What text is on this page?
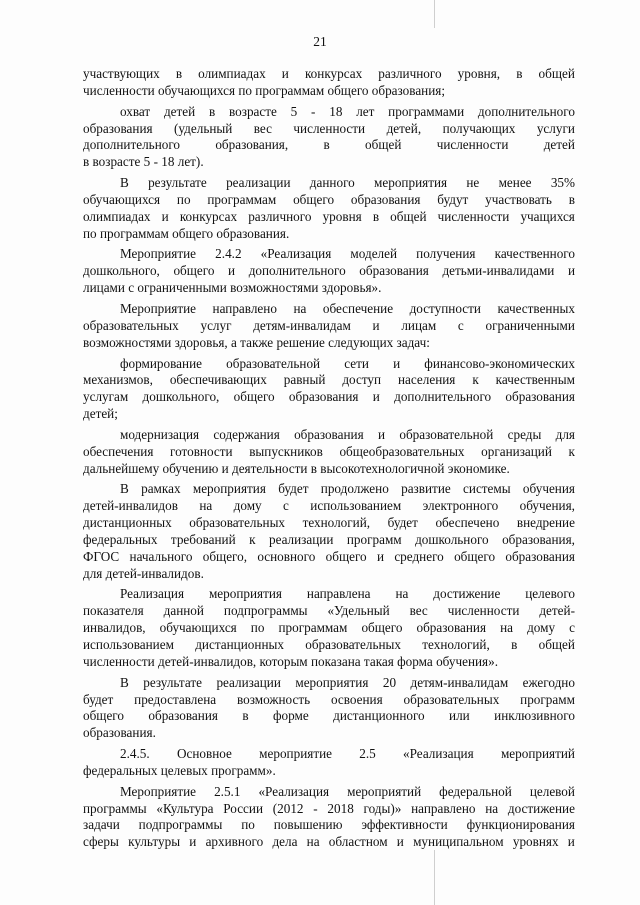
21
участвующих в олимпиадах и конкурсах различного уровня, в общей
численности обучающихся по программам общего образования;
охват детей в возрасте 5 - 18 лет программами дополнительного
образования (удельный вес численности детей, получающих услуги
дополнительного	образования,	в	общей	численности	детей
в возрасте 5 - 18 лет).
В результате реализации данного мероприятия не менее 35%
обучающихся по программам общего образования будут участвовать в
олимпиадах и конкурсах различного уровня в общей численности учащихся
по программам общего образования.
Мероприятие 2.4.2 «Реализация моделей получения качественного
дошкольного, общего и дополнительного образования детьми-инвалидами и
лицами с ограниченными возможностями здоровья».
Мероприятие направлено на обеспечение доступности качественных
образовательных услуг детям-инвалидам и лицам с ограниченными
возможностями здоровья, а также решение следующих задач:
формирование образовательной сети и финансово-экономических
механизмов, обеспечивающих равный доступ населения к качественным
услугам дошкольного, общего образования и дополнительного образования
детей;
модернизация содержания образования и образовательной среды для
обеспечения готовности выпускников общеобразовательных организаций к
дальнейшему обучению и деятельности в высокотехнологичной экономике.
В рамках мероприятия будет продолжено развитие системы обучения
детей-инвалидов на дому с использованием электронного обучения,
дистанционных образовательных технологий, будет обеспечено внедрение
федеральных требований к реализации программ дошкольного образования,
ФГОС начального общего, основного общего и среднего общего образования
для детей-инвалидов.
Реализация мероприятия направлена на достижение целевого
показателя данной подпрограммы «Удельный вес численности детей-
инвалидов, обучающихся по программам общего образования на дому с
использованием дистанционных образовательных технологий, в общей
численности детей-инвалидов, которым показана такая форма обучения».
В результате реализации мероприятия 20 детям-инвалидам ежегодно
будет предоставлена возможность освоения образовательных программ
общего образования в форме дистанционного или инклюзивного
образования.
2.4.5. Основное мероприятие 2.5 «Реализация мероприятий
федеральных целевых программ».
Мероприятие 2.5.1 «Реализация мероприятий федеральной целевой
программы «Культура России (2012 - 2018 годы)» направлено на достижение
задачи подпрограммы по повышению эффективности функционирования
сферы культуры и архивного дела на областном и муниципальном уровнях и
